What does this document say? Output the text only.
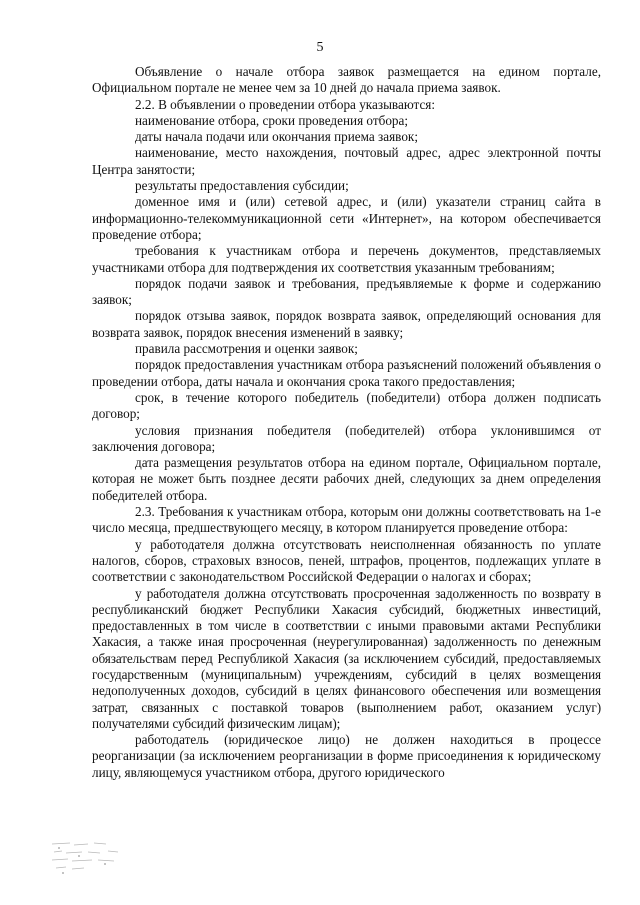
5

Объявление о начале отбора заявок размещается на едином портале, Официальном портале не менее чем за 10 дней до начала приема заявок.

2.2. В объявлении о проведении отбора указываются:

наименование отбора, сроки проведения отбора;

даты начала подачи или окончания приема заявок;

наименование, место нахождения, почтовый адрес, адрес электронной почты Центра занятости;

результаты предоставления субсидии;

доменное имя и (или) сетевой адрес, и (или) указатели страниц сайта в информационно-телекоммуникационной сети «Интернет», на котором обеспечивается проведение отбора;

требования к участникам отбора и перечень документов, представляемых участниками отбора для подтверждения их соответствия указанным требованиям;

порядок подачи заявок и требования, предъявляемые к форме и содержанию заявок;

порядок отзыва заявок, порядок возврата заявок, определяющий основания для возврата заявок, порядок внесения изменений в заявку;

правила рассмотрения и оценки заявок;

порядок предоставления участникам отбора разъяснений положений объявления о проведении отбора, даты начала и окончания срока такого предоставления;

срок, в течение которого победитель (победители) отбора должен подписать договор;

условия признания победителя (победителей) отбора уклонившимся от заключения договора;

дата размещения результатов отбора на едином портале, Официальном портале, которая не может быть позднее десяти рабочих дней, следующих за днем определения победителей отбора.

2.3. Требования к участникам отбора, которым они должны соответствовать на 1-е число месяца, предшествующего месяцу, в котором планируется проведение отбора:

у работодателя должна отсутствовать неисполненная обязанность по уплате налогов, сборов, страховых взносов, пеней, штрафов, процентов, подлежащих уплате в соответствии с законодательством Российской Федерации о налогах и сборах;

у работодателя должна отсутствовать просроченная задолженность по возврату в республиканский бюджет Республики Хакасия субсидий, бюджетных инвестиций, предоставленных в том числе в соответствии с иными правовыми актами Республики Хакасия, а также иная просроченная (неурегулированная) задолженность по денежным обязательствам перед Республикой Хакасия (за исключением субсидий, предоставляемых государственным (муниципальным) учреждениям, субсидий в целях возмещения недополученных доходов, субсидий в целях финансового обеспечения или возмещения затрат, связанных с поставкой товаров (выполнением работ, оказанием услуг) получателями субсидий физическим лицам);

работодатель (юридическое лицо) не должен находиться в процессе реорганизации (за исключением реорганизации в форме присоединения к юридическому лицу, являющемуся участником отбора, другого юридического
